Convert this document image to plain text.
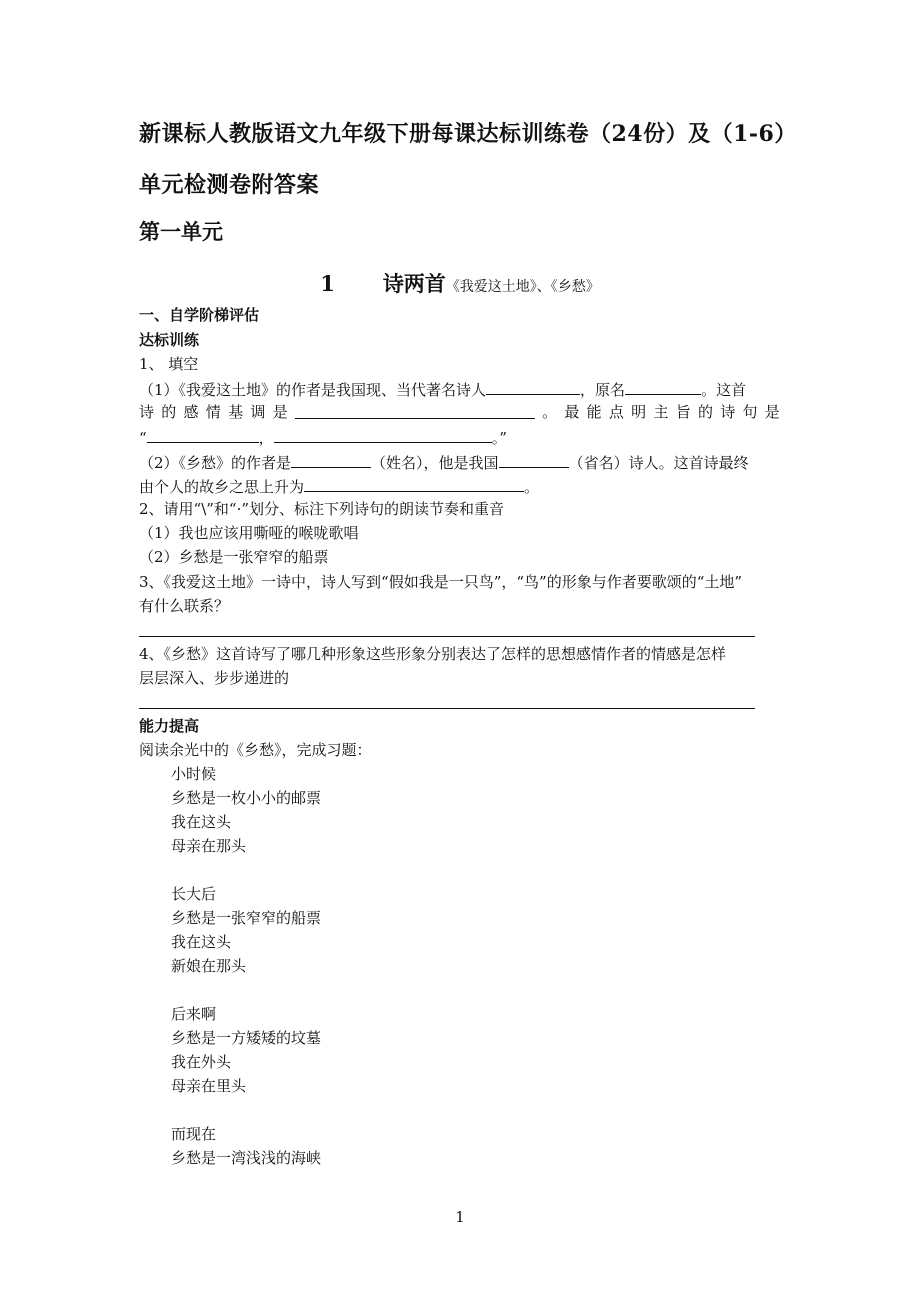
新课标人教版语文九年级下册每课达标训练卷（24份）及（1-6）
单元检测卷附答案
第一单元
1 诗两首《我爱这土地》、《乡愁》
一、自学阶梯评估
达标训练
1、 填空
（1）《我爱这土地》的作者是我国现、当代著名诗人	，原名	。这首
诗 的 感 情 基 调 是	。 最 能 点 明 主 旨 的 诗 句 是
“	，	。”
（2）《乡愁》的作者是	（姓名），他是我国	（省名）诗人。这首诗最终
由个人的故乡之思上升为	。
2、请用“\”和“·”划分、标注下列诗句的朗读节奏和重音
（1）我也应该用嘶哑的喉咙歌唱
（2）乡愁是一张窄窄的船票
3、《我爱这土地》一诗中，诗人写到“假如我是一只鸟”，“鸟”的形象与作者要歌颂的“土地”
有什么联系？
4、《乡愁》这首诗写了哪几种形象这些形象分别表达了怎样的思想感情作者的情感是怎样
层层深入、步步递进的
能力提高
阅读余光中的《乡愁》，完成习题：
小时候
乡愁是一枚小小的邮票
我在这头
母亲在那头
长大后
乡愁是一张窄窄的船票
我在这头
新娘在那头
后来啊
乡愁是一方矮矮的坟墓
我在外头
母亲在里头
而现在
乡愁是一湾浅浅的海峡
1
